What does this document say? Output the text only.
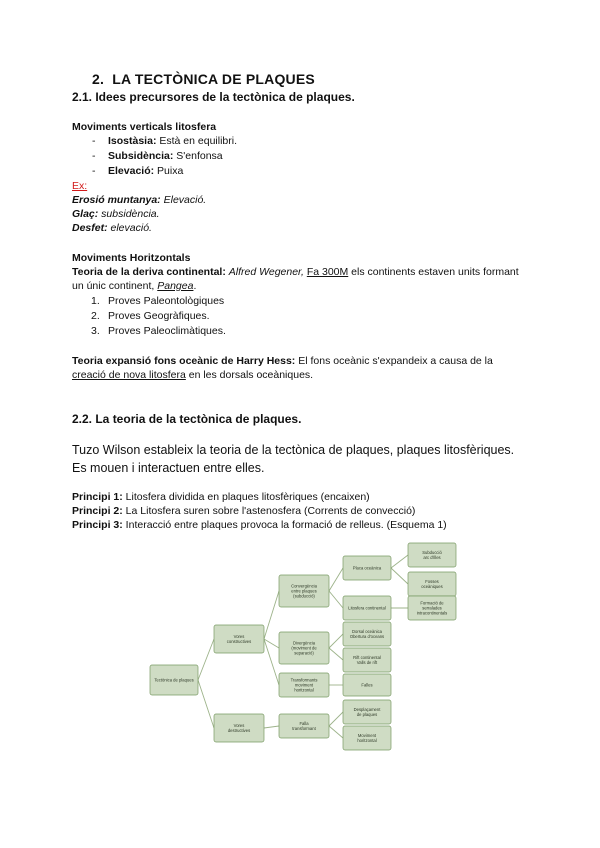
2. LA TECTÒNICA DE PLAQUES
2.1. Idees precursores de la tectònica de plaques.
Moviments verticals litosfera
- Isostàsia: Està en equilibri.
- Subsidència: S'enfonsa
- Elevació: Puixa
Ex:
Erosió muntanya: Elevació.
Glaç: subsidència.
Desfet: elevació.
Moviments Horitzontals
Teoria de la deriva continental: Alfred Wegener, Fa 300M els continents estaven units formant un únic continent, Pangea.
1. Proves Paleontològiques
2. Proves Geogràfiques.
3. Proves Paleoclimàtiques.
Teoria expansió fons oceànic de Harry Hess: El fons oceànic s'expandeix a causa de la creació de nova litosfera en les dorsals oceàniques.
2.2. La teoria de la tectònica de plaques.
Tuzo Wilson estableix la teoria de la tectònica de plaques, plaques litosfèriques. Es mouen i interactuen entre elles.
Principi 1: Litosfera dividida en plaques litosfèriques (encaixen)
Principi 2: La Litosfera suren sobre l'astenosfera (Corrents de convecció)
Principi 3: Interacció entre plaques provoca la formació de relleus. (Esquema 1)
Tectònica de plaques
Vores
constructives
Vores
destructives
Convergència
entre plaques
(subducció)
Divergència
(moviment de
separació)
Transformants
moviment
horitzontal
Falla
transformant
Placa oceànica
Litosfera continental
Dorsal oceànica
Obertura d'oceans
Rift continental
Valls de rift
Falles
Desplaçament
de plaques
Moviment
horitzontal
Subducció
arc d'illes
Fosses
oceàniques
Formació de
serralades
intracontinentals
